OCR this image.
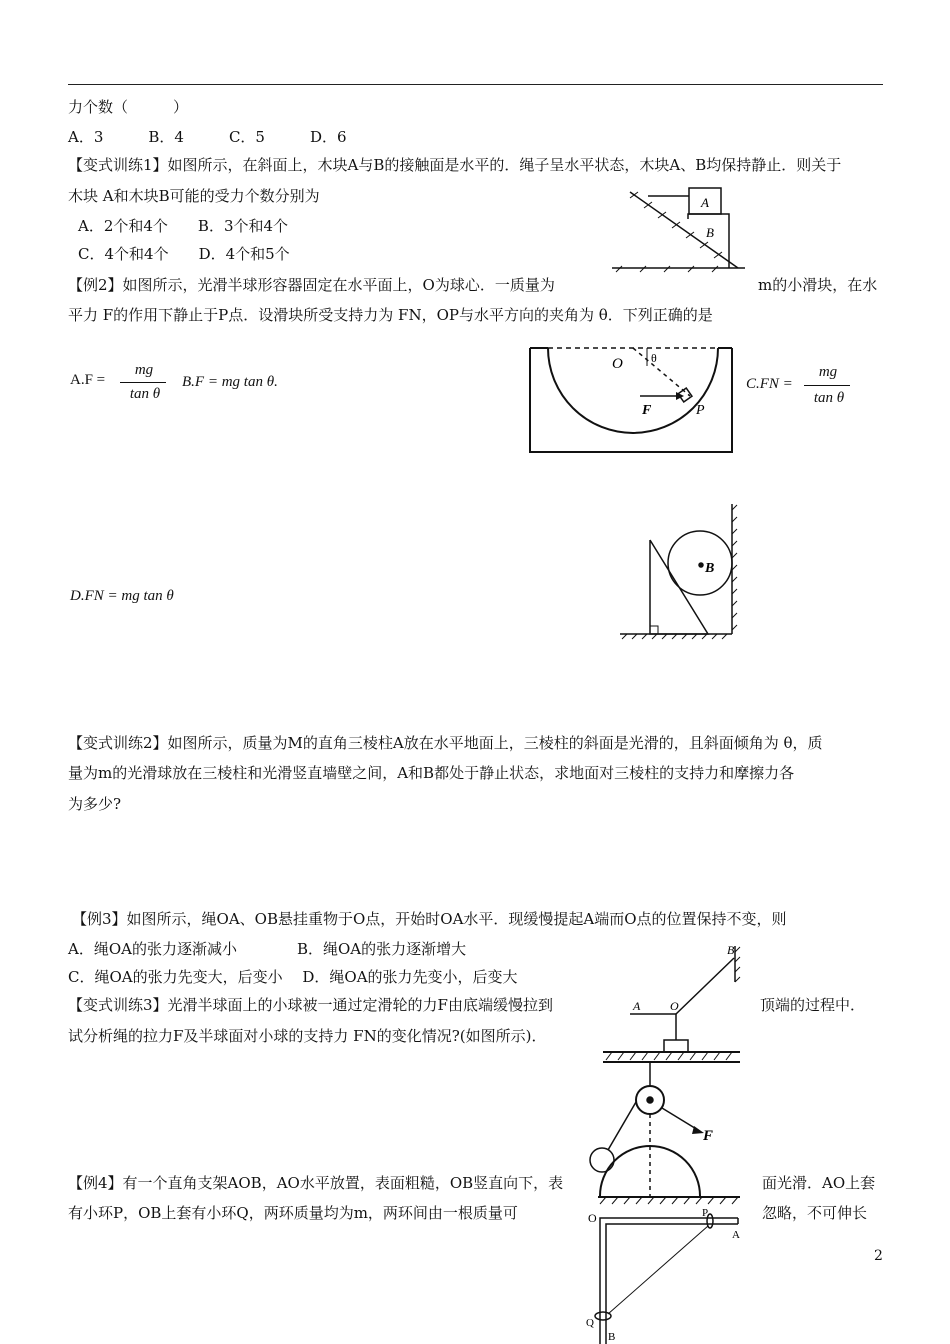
力个数（　　　）
A．3　　　B．4　　　C．5　　　D．6
【变式训练1】如图所示，在斜面上，木块A与B的接触面是水平的．绳子呈水平状态，木块A、B均保持静止．则关于
木块 A和木块B可能的受力个数分别为
A．2个和4个　　B．3个和4个
C．4个和4个　　D．4个和5个
【例2】如图所示，光滑半球形容器固定在水平面上，O为球心．一质量为	m的小滑块，在水
平力 F的作用下静止于P点．设滑块所受支持力为 FN，OP与水平方向的夹角为 θ．下列正确的是
A.F =
mg
tan θ
B.F = mg tan θ.	C.FN =
mg
tan θ
D.FN = mg tan θ
【变式训练2】如图所示，质量为M的直角三棱柱A放在水平地面上，三棱柱的斜面是光滑的，且斜面倾角为 θ，质
量为m的光滑球放在三棱柱和光滑竖直墙壁之间，A和B都处于静止状态，求地面对三棱柱的支持力和摩擦力各
为多少?
【例3】如图所示，绳OA、OB悬挂重物于O点，开始时OA水平．现缓慢提起A端而O点的位置保持不变，则
A．绳OA的张力逐渐减小　　　　B．绳OA的张力逐渐增大
C．绳OA的张力先变大，后变小　 D．绳OA的张力先变小，后变大
【变式训练3】光滑半球面上的小球被一通过定滑轮的力F由底端缓慢拉到	顶端的过程中．
试分析绳的拉力F及半球面对小球的支持力 FN的变化情况?(如图所示)．
【例4】有一个直角支架AOB，AO水平放置，表面粗糙，OB竖直向下，表	面光滑．AO上套
有小环P，OB上套有小环Q，两环质量均为m，两环间由一根质量可	忽略，不可伸长
2
A
B
O θ
F	P
B
B
A O
F
O	P
A
Q
B
